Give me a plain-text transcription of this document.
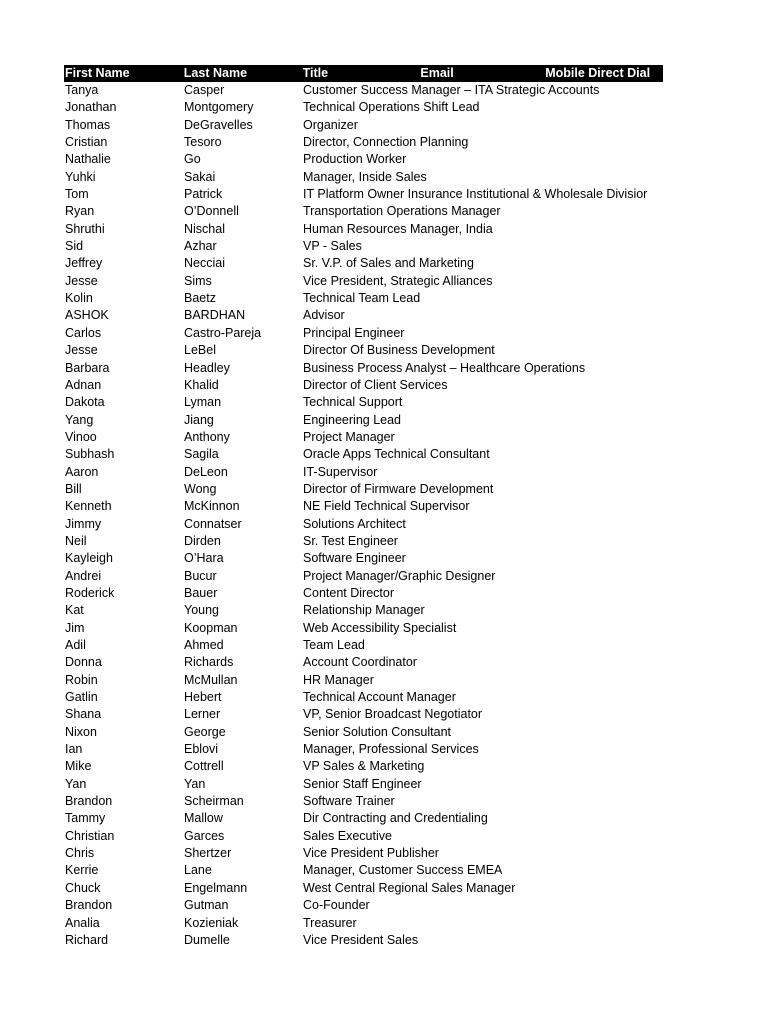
First Name	Last Name	Title	Email	Mobile Direct Dial
Tanya	Casper	Customer Success Manager – ITA Strategic Accounts
Jonathan	Montgomery	Technical Operations Shift Lead
Thomas	DeGravelles	Organizer
Cristian	Tesoro	Director, Connection Planning
Nathalie	Go	Production Worker
Yuhki	Sakai	Manager, Inside Sales
Tom	Patrick	IT Platform Owner Insurance Institutional & Wholesale Divisior
Ryan	O’Donnell	Transportation Operations Manager
Shruthi	Nischal	Human Resources Manager, India
Sid	Azhar	VP - Sales
Jeffrey	Necciai	Sr. V.P. of Sales and Marketing
Jesse	Sims	Vice President, Strategic Alliances
Kolin	Baetz	Technical Team Lead
ASHOK	BARDHAN	Advisor
Carlos	Castro-Pareja	Principal Engineer
Jesse	LeBel	Director Of Business Development
Barbara	Headley	Business Process Analyst – Healthcare Operations
Adnan	Khalid	Director of Client Services
Dakota	Lyman	Technical Support
Yang	Jiang	Engineering Lead
Vinoo	Anthony	Project Manager
Subhash	Sagila	Oracle Apps Technical Consultant
Aaron	DeLeon	IT-Supervisor
Bill	Wong	Director of Firmware Development
Kenneth	McKinnon	NE Field Technical Supervisor
Jimmy	Connatser	Solutions Architect
Neil	Dirden	Sr. Test Engineer
Kayleigh	O’Hara	Software Engineer
Andrei	Bucur	Project Manager/Graphic Designer
Roderick	Bauer	Content Director
Kat	Young	Relationship Manager
Jim	Koopman	Web Accessibility Specialist
Adil	Ahmed	Team Lead
Donna	Richards	Account Coordinator
Robin	McMullan	HR Manager
Gatlin	Hebert	Technical Account Manager
Shana	Lerner	VP, Senior Broadcast Negotiator
Nixon	George	Senior Solution Consultant
Ian	Eblovi	Manager, Professional Services
Mike	Cottrell	VP Sales & Marketing
Yan	Yan	Senior Staff Engineer
Brandon	Scheirman	Software Trainer
Tammy	Mallow	Dir Contracting and Credentialing
Christian	Garces	Sales Executive
Chris	Shertzer	Vice President Publisher
Kerrie	Lane	Manager, Customer Success EMEA
Chuck	Engelmann	West Central Regional Sales Manager
Brandon	Gutman	Co-Founder
Analia	Kozieniak	Treasurer
Richard	Dumelle	Vice President Sales
